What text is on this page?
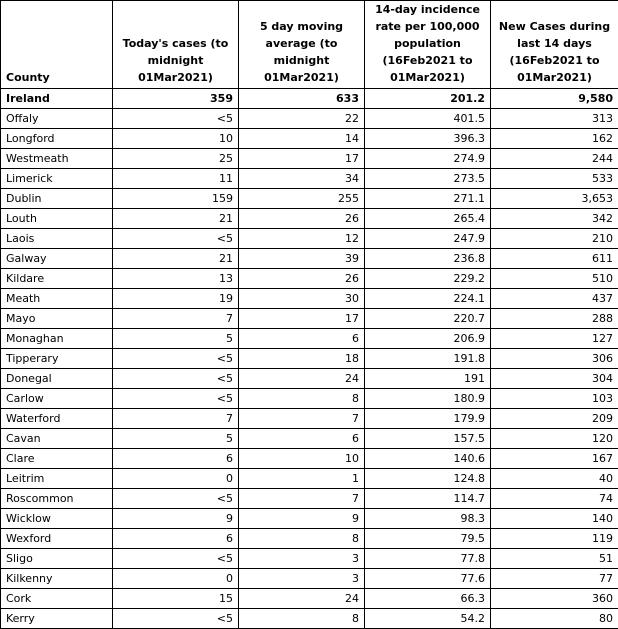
County	Today's cases (to
midnight
01Mar2021)	5 day moving
average (to
midnight
01Mar2021)	14-day incidence
rate per 100,000
population
(16Feb2021 to
01Mar2021)	New Cases during
last 14 days
(16Feb2021 to
01Mar2021)

Ireland	359	633	201.2	9,580
Offaly	<5	22	401.5	313
Longford	10	14	396.3	162
Westmeath	25	17	274.9	244
Limerick	11	34	273.5	533
Dublin	159	255	271.1	3,653
Louth	21	26	265.4	342
Laois	<5	12	247.9	210
Galway	21	39	236.8	611
Kildare	13	26	229.2	510
Meath	19	30	224.1	437
Mayo	7	17	220.7	288
Monaghan	5	6	206.9	127
Tipperary	<5	18	191.8	306
Donegal	<5	24	191	304
Carlow	<5	8	180.9	103
Waterford	7	7	179.9	209
Cavan	5	6	157.5	120
Clare	6	10	140.6	167
Leitrim	0	1	124.8	40
Roscommon	<5	7	114.7	74
Wicklow	9	9	98.3	140
Wexford	6	8	79.5	119
Sligo	<5	3	77.8	51
Kilkenny	0	3	77.6	77
Cork	15	24	66.3	360
Kerry	<5	8	54.2	80
